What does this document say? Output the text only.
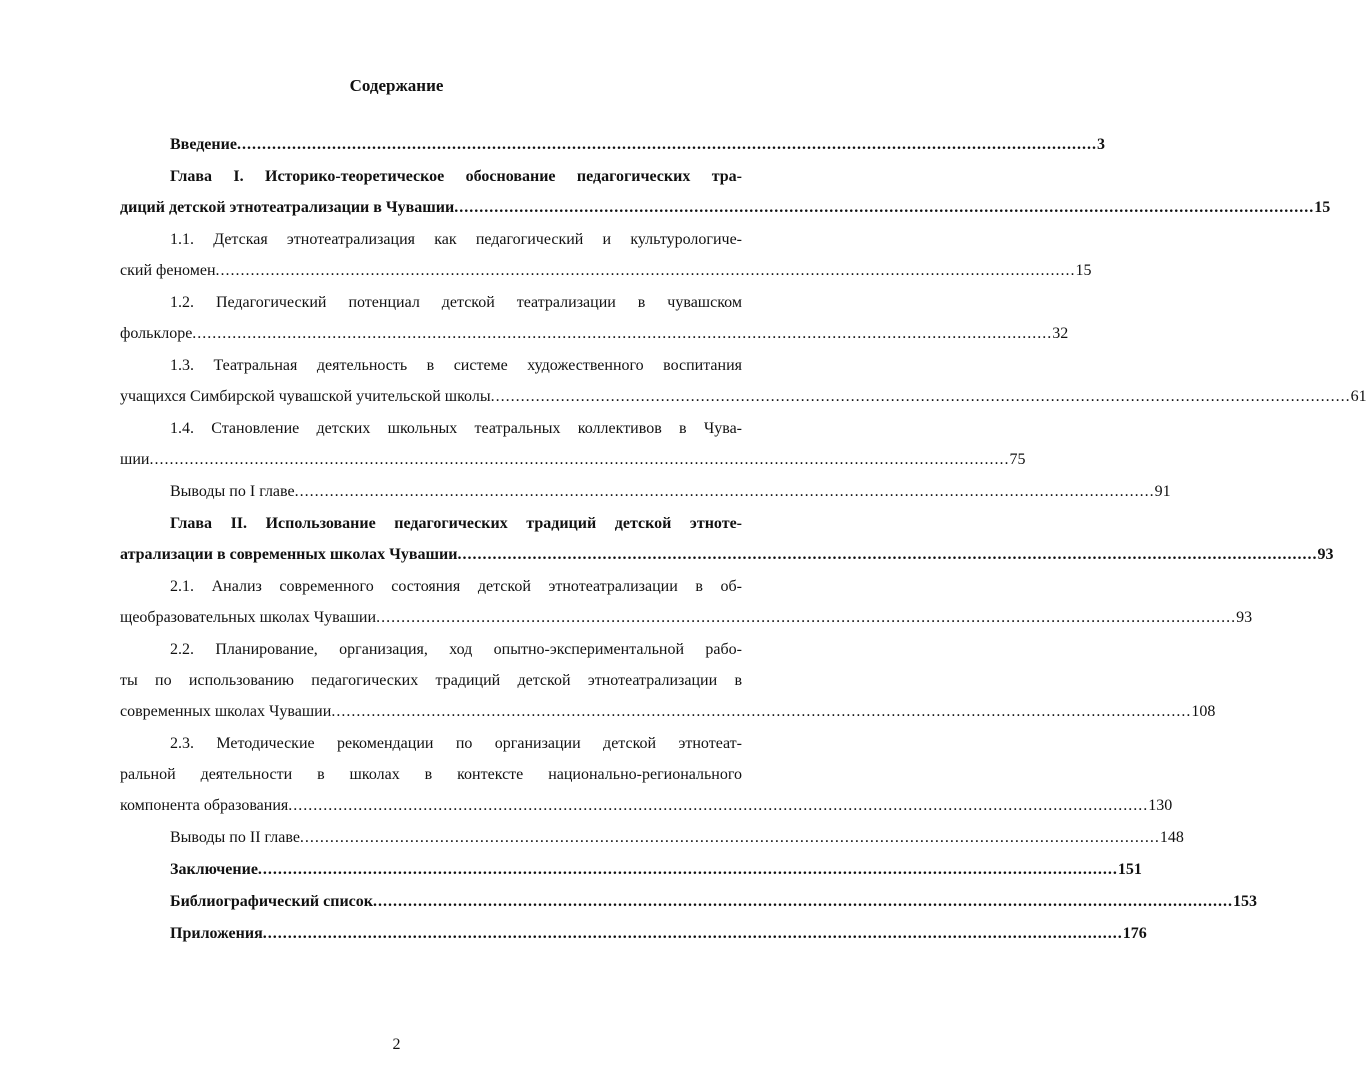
Содержание
Введение ............................................................................................................................................................................ 3
Глава I. Историко-теоретическое обоснование педагогических тра-
диций детской этнотеатрализации в Чувашии ............................................................................................................................................................................ 15
1.1. Детская этнотеатрализация как педагогический и культурологиче-
ский феномен ............................................................................................................................................................................ 15
1.2. Педагогический потенциал детской театрализации в чувашском
фольклоре ............................................................................................................................................................................ 32
1.3. Театральная деятельность в системе художественного воспитания
учащихся Симбирской чувашской учительской школы ............................................................................................................................................................................ 61
1.4. Становление детских школьных театральных коллективов в Чува-
шии ............................................................................................................................................................................ 75
Выводы по I главе ............................................................................................................................................................................ 91
Глава II. Использование педагогических традиций детской этноте-
атрализации в современных школах Чувашии ............................................................................................................................................................................ 93
2.1. Анализ современного состояния детской этнотеатрализации в об-
щеобразовательных школах Чувашии ............................................................................................................................................................................ 93
2.2. Планирование, организация, ход опытно-экспериментальной рабо-
ты по использованию педагогических традиций детской этнотеатрализации в
современных школах Чувашии ............................................................................................................................................................................ 108
2.3. Методические рекомендации по организации детской этнотеат-
ральной деятельности в школах в контексте национально-регионального
компонента образования ............................................................................................................................................................................ 130
Выводы по II главе ............................................................................................................................................................................ 148
Заключение ............................................................................................................................................................................ 151
Библиографический список ............................................................................................................................................................................ 153
Приложения ............................................................................................................................................................................ 176
2
